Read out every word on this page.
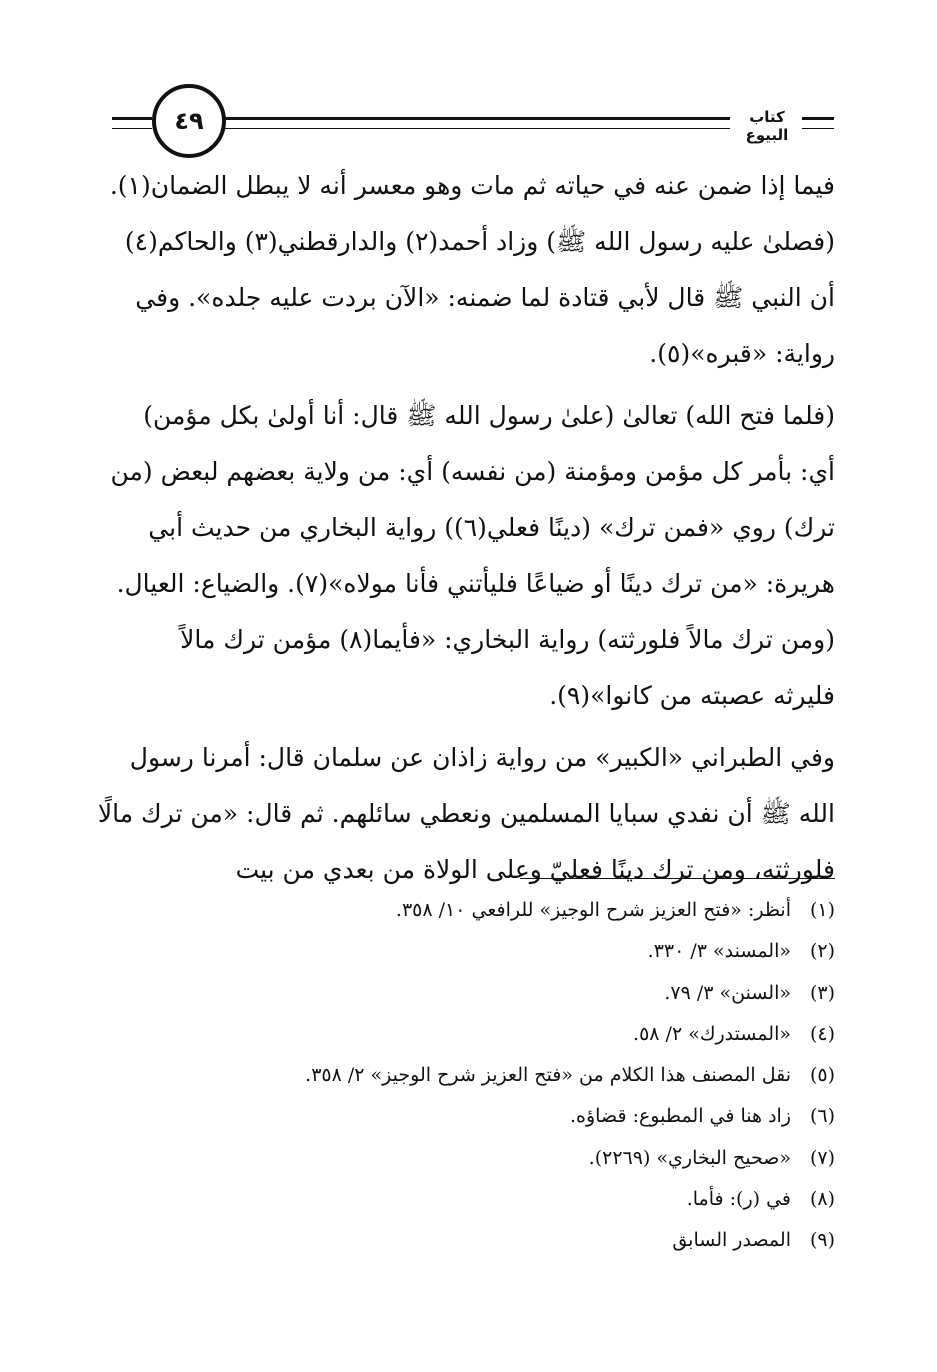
٤٩	كتاب البيوع
فيما إذا ضمن عنه في حياته ثم مات وهو معسر أنه لا يبطل الضمان(١).
(فصلىٰ عليه رسول الله ﷺ) وزاد أحمد(٢) والدارقطني(٣) والحاكم(٤)
أن النبي ﷺ قال لأبي قتادة لما ضمنه: «الآن بردت عليه جلده». وفي
رواية: «قبره»(٥).
(فلما فتح الله) تعالىٰ (علىٰ رسول الله ﷺ قال: أنا أولىٰ بكل مؤمن)
أي: بأمر كل مؤمن ومؤمنة (من نفسه) أي: من ولاية بعضهم لبعض (من
ترك) روي «فمن ترك» (دينًا فعلي(٦)) رواية البخاري من حديث أبي
هريرة: «من ترك دينًا أو ضياعًا فليأتني فأنا مولاه»(٧). والضياع: العيال.
(ومن ترك مالاً فلورثته) رواية البخاري: «فأيما(٨) مؤمن ترك مالاً
فليرثه عصبته من كانوا»(٩).
وفي الطبراني «الكبير» من رواية زاذان عن سلمان قال: أمرنا رسول
الله ﷺ أن نفدي سبايا المسلمين ونعطي سائلهم. ثم قال: «من ترك مالًا
فلورثته، ومن ترك دينًا فعليّ وعلى الولاة من بعدي من بيت
(١)أنظر: «فتح العزيز شرح الوجيز» للرافعي ١٠/ ٣٥٨.
(٢)«المسند» ٣/ ٣٣٠.
(٣)«السنن» ٣/ ٧٩.
(٤)«المستدرك» ٢/ ٥٨.
(٥)نقل المصنف هذا الكلام من «فتح العزيز شرح الوجيز» ٢/ ٣٥٨.
(٦)زاد هنا في المطبوع: قضاؤه.
(٧)«صحيح البخاري» (٢٢٦٩).
(٨)في (ر): فأما.
(٩)المصدر السابق
